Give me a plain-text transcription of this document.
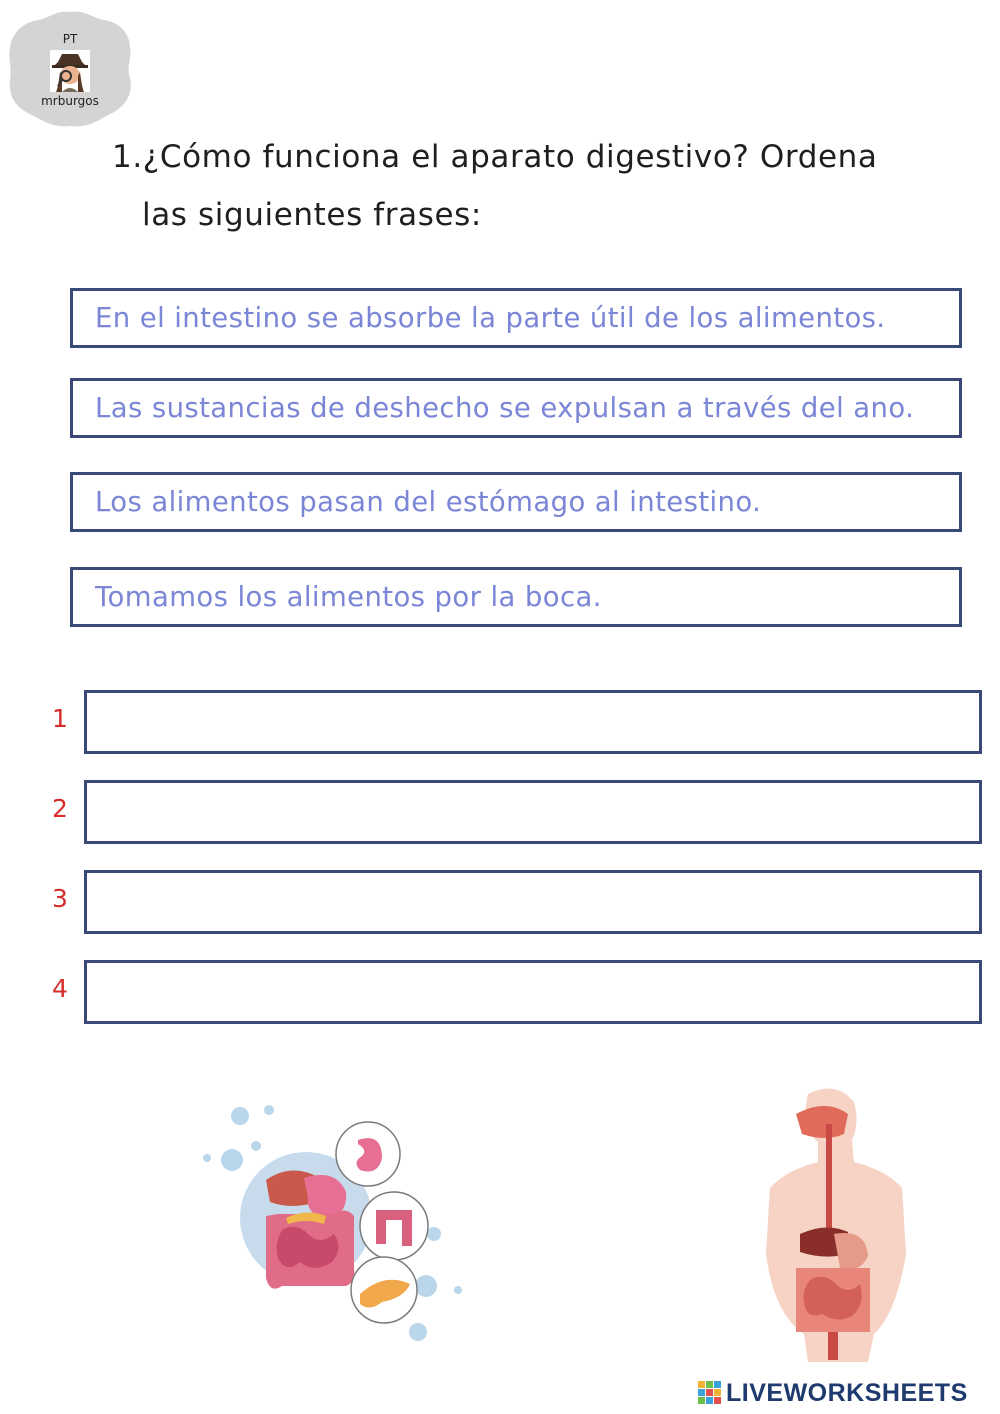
PT
mrburgos
1.¿Cómo funciona el aparato digestivo? Ordena
las siguientes frases:
En el intestino se absorbe la parte útil de los alimentos.
Las sustancias de deshecho se expulsan a través del ano.
Los alimentos pasan del estómago al intestino.
Tomamos los alimentos por la boca.
1
2
3
4
LIVEWORKSHEETS
